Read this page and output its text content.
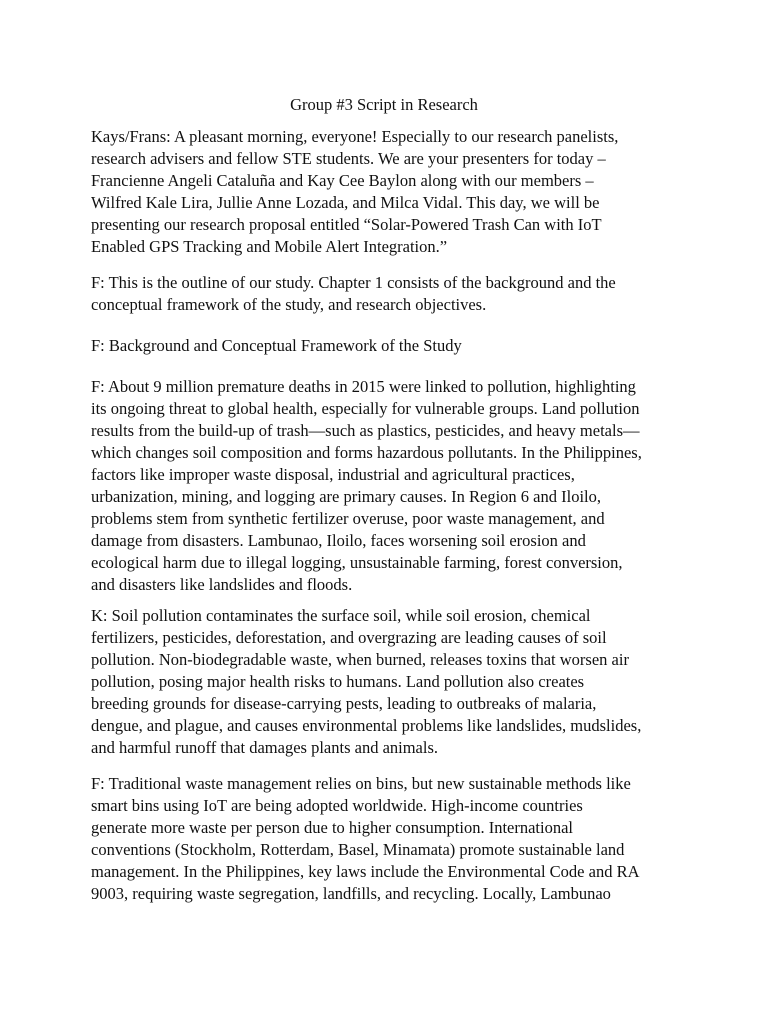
Group #3 Script in Research

Kays/Frans: A pleasant morning, everyone! Especially to our research panelists,
research advisers and fellow STE students. We are your presenters for today –
Francienne Angeli Cataluña and Kay Cee Baylon along with our members –
Wilfred Kale Lira, Jullie Anne Lozada, and Milca Vidal. This day, we will be
presenting our research proposal entitled “Solar-Powered Trash Can with IoT
Enabled GPS Tracking and Mobile Alert Integration.”

F: This is the outline of our study. Chapter 1 consists of the background and the
conceptual framework of the study, and research objectives.

F: Background and Conceptual Framework of the Study

F: About 9 million premature deaths in 2015 were linked to pollution, highlighting
its ongoing threat to global health, especially for vulnerable groups. Land pollution
results from the build-up of trash—such as plastics, pesticides, and heavy metals—
which changes soil composition and forms hazardous pollutants. In the Philippines,
factors like improper waste disposal, industrial and agricultural practices,
urbanization, mining, and logging are primary causes. In Region 6 and Iloilo,
problems stem from synthetic fertilizer overuse, poor waste management, and
damage from disasters. Lambunao, Iloilo, faces worsening soil erosion and
ecological harm due to illegal logging, unsustainable farming, forest conversion,
and disasters like landslides and floods.

K: Soil pollution contaminates the surface soil, while soil erosion, chemical
fertilizers, pesticides, deforestation, and overgrazing are leading causes of soil
pollution. Non-biodegradable waste, when burned, releases toxins that worsen air
pollution, posing major health risks to humans. Land pollution also creates
breeding grounds for disease-carrying pests, leading to outbreaks of malaria,
dengue, and plague, and causes environmental problems like landslides, mudslides,
and harmful runoff that damages plants and animals.

F: Traditional waste management relies on bins, but new sustainable methods like
smart bins using IoT are being adopted worldwide. High-income countries
generate more waste per person due to higher consumption. International
conventions (Stockholm, Rotterdam, Basel, Minamata) promote sustainable land
management. In the Philippines, key laws include the Environmental Code and RA
9003, requiring waste segregation, landfills, and recycling. Locally, Lambunao
